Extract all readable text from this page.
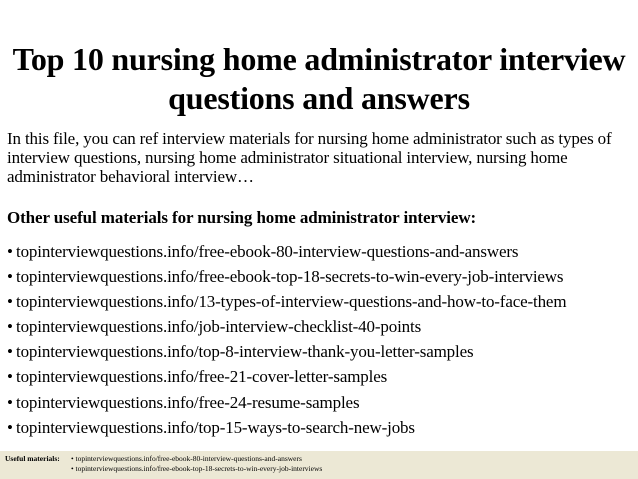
Top 10 nursing home administrator interview questions and answers

In this file, you can ref interview materials for nursing home administrator such as types of interview questions, nursing home administrator situational interview, nursing home administrator behavioral interview…

Other useful materials for nursing home administrator interview:

• topinterviewquestions.info/free-ebook-80-interview-questions-and-answers
• topinterviewquestions.info/free-ebook-top-18-secrets-to-win-every-job-interviews
• topinterviewquestions.info/13-types-of-interview-questions-and-how-to-face-them
• topinterviewquestions.info/job-interview-checklist-40-points
• topinterviewquestions.info/top-8-interview-thank-you-letter-samples
• topinterviewquestions.info/free-21-cover-letter-samples
• topinterviewquestions.info/free-24-resume-samples
• topinterviewquestions.info/top-15-ways-to-search-new-jobs
Useful materials: • topinterviewquestions.info/free-ebook-80-interview-questions-and-answers
• topinterviewquestions.info/free-ebook-top-18-secrets-to-win-every-job-interviews
